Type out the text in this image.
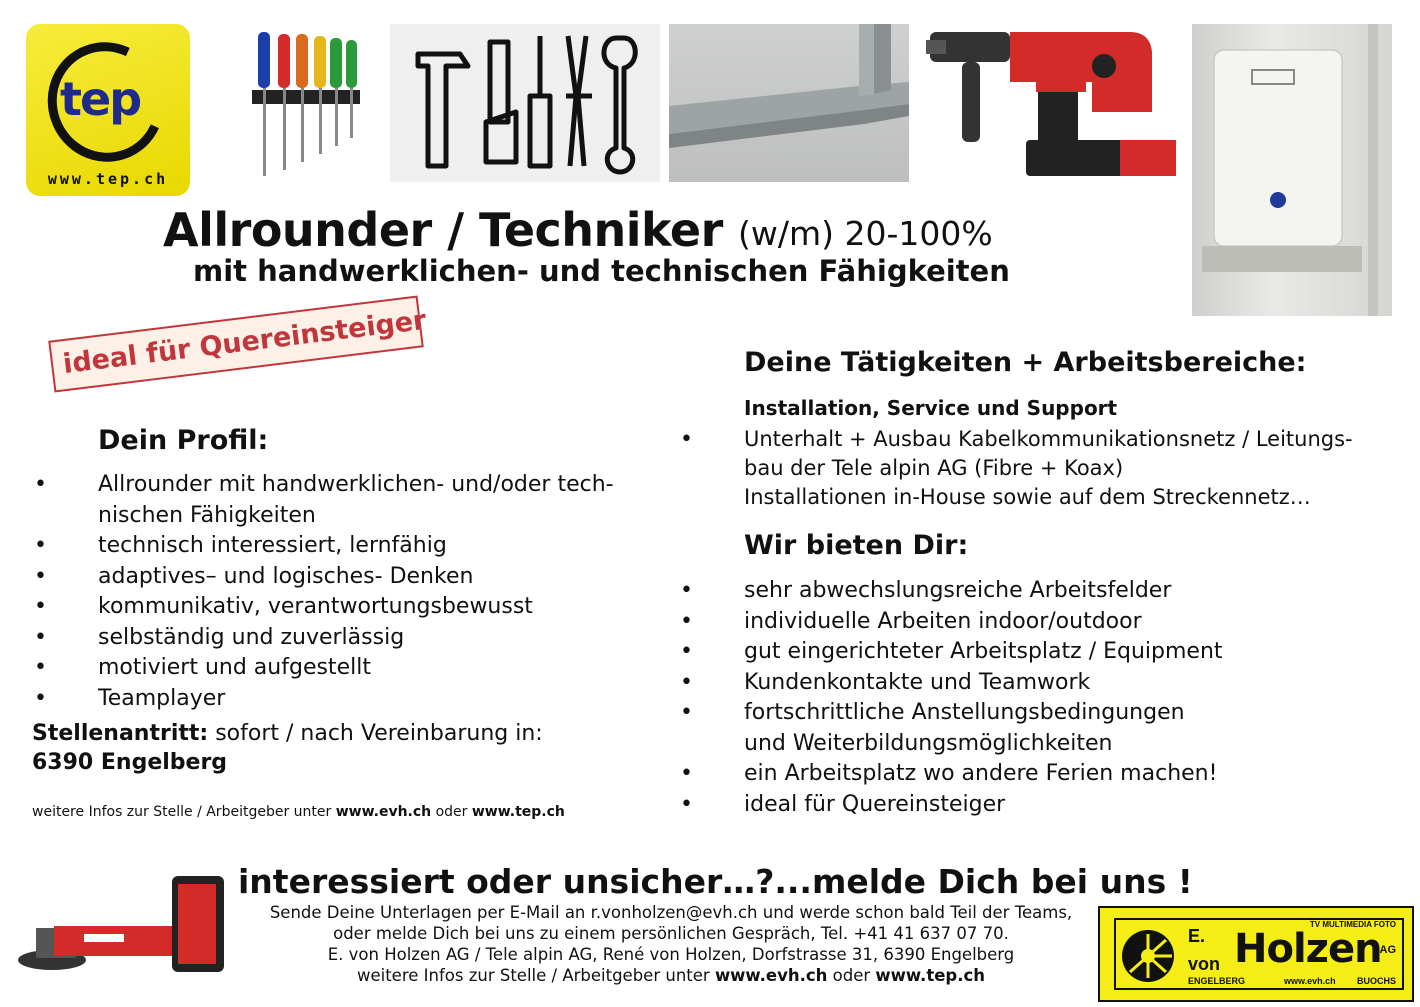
tep
www.tep.ch
Allrounder / Techniker (w/m) 20-100%
mit handwerklichen- und technischen Fähigkeiten
ideal für Quereinsteiger
Dein Profil:
• Allrounder mit handwerklichen- und/oder tech-
nischen Fähigkeiten
• technisch interessiert, lernfähig
• adaptives– und logisches- Denken
• kommunikativ, verantwortungsbewusst
• selbständig und zuverlässig
• motiviert und aufgestellt
• Teamplayer
Stellenantritt: sofort / nach Vereinbarung in:
6390 Engelberg
weitere Infos zur Stelle / Arbeitgeber unter www.evh.ch oder www.tep.ch
Deine Tätigkeiten + Arbeitsbereiche:
Installation, Service und Support
• Unterhalt + Ausbau Kabelkommunikationsnetz / Leitungs-
bau der Tele alpin AG (Fibre + Koax)
Installationen in-House sowie auf dem Streckennetz…
Wir bieten Dir:
• sehr abwechslungsreiche Arbeitsfelder
• individuelle Arbeiten indoor/outdoor
• gut eingerichteter Arbeitsplatz / Equipment
• Kundenkontakte und Teamwork
• fortschrittliche Anstellungsbedingungen
und Weiterbildungsmöglichkeiten
• ein Arbeitsplatz wo andere Ferien machen!
• ideal für Quereinsteiger
interessiert oder unsicher…?...melde Dich bei uns !
Sende Deine Unterlagen per E-Mail an r.vonholzen@evh.ch und werde schon bald Teil der Teams,
oder melde Dich bei uns zu einem persönlichen Gespräch, Tel. +41 41 637 07 70.
E. von Holzen AG / Tele alpin AG, René von Holzen, Dorfstrasse 31, 6390 Engelberg
weitere Infos zur Stelle / Arbeitgeber unter www.evh.ch oder www.tep.ch
E.
von Holzen
TV MULTIMEDIA FOTO
AG
ENGELBERG	www.evh.ch BUOCHS
